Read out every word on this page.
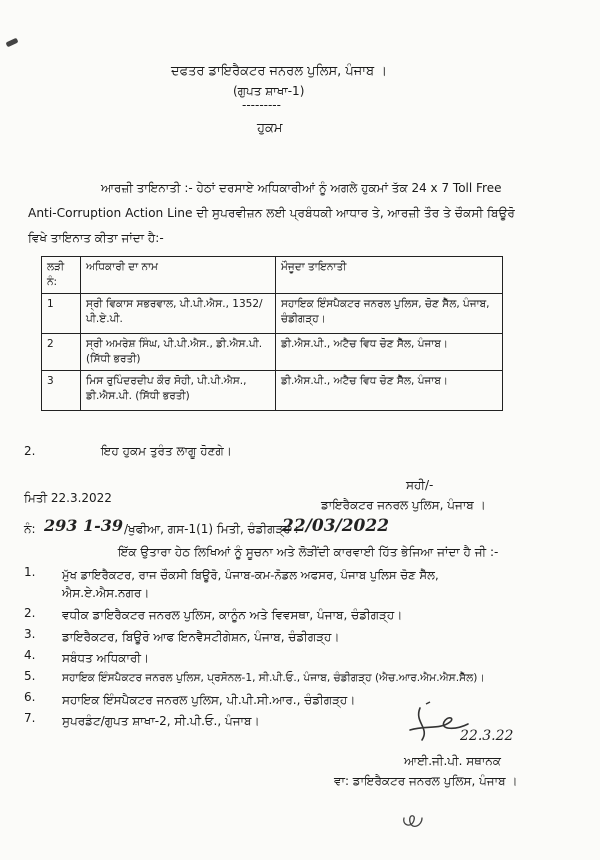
ਦਫਤਰ ਡਾਇਰੈਕਟਰ ਜਨਰਲ ਪੁਲਿਸ, ਪੰਜਾਬ ।
(ਗੁਪਤ ਸ਼ਾਖਾ-1)
---------
ਹੁਕਮ
ਆਰਜ਼ੀ ਤਾਇਨਾਤੀ :- ਹੇਠਾਂ ਦਰਸਾਏ ਅਧਿਕਾਰੀਆਂ ਨੂੰ ਅਗਲੇ ਹੁਕਮਾਂ ਤੱਕ 24 x 7 Toll Free
Anti-Corruption Action Line ਦੀ ਸੁਪਰਵੀਜ਼ਨ ਲਈ ਪ੍ਰਬੰਧਕੀ ਆਧਾਰ ਤੇ, ਆਰਜ਼ੀ ਤੌਰ ਤੇ ਚੌਕਸੀ ਬਿਊਰੋ
ਵਿਖੇ ਤਾਇਨਾਤ ਕੀਤਾ ਜਾਂਦਾ ਹੈ:-
ਲੜੀ ਨੰ:	ਅਧਿਕਾਰੀ ਦਾ ਨਾਮ	ਮੌਜੂਦਾ ਤਾਇਨਾਤੀ
1	ਸ੍ਰੀ ਵਿਕਾਸ ਸਭਰਵਾਲ, ਪੀ.ਪੀ.ਐਸ., 1352/ਪੀ.ਏ.ਪੀ.	ਸਹਾਇਕ ਇੰਸਪੈਕਟਰ ਜਨਰਲ ਪੁਲਿਸ, ਚੋਣ ਸੈੱਲ, ਪੰਜਾਬ, ਚੰਡੀਗੜ੍ਹ।
2	ਸ੍ਰੀ ਅਮਰੇਸ਼ ਸਿੰਘ, ਪੀ.ਪੀ.ਐਸ., ਡੀ.ਐਸ.ਪੀ. (ਸਿੱਧੀ ਭਰਤੀ)	ਡੀ.ਐਸ.ਪੀ., ਅਟੈਚ ਵਿਧ ਚੋਣ ਸੈੱਲ, ਪੰਜਾਬ।
3	ਮਿਸ ਰੁਪਿੰਦਰਦੀਪ ਕੌਰ ਸੋਹੀ, ਪੀ.ਪੀ.ਐਸ., ਡੀ.ਐਸ.ਪੀ. (ਸਿੱਧੀ ਭਰਤੀ)	ਡੀ.ਐਸ.ਪੀ., ਅਟੈਚ ਵਿਧ ਚੋਣ ਸੈੱਲ, ਪੰਜਾਬ।
2.	ਇਹ ਹੁਕਮ ਤੁਰੰਤ ਲਾਗੂ ਹੋਣਗੇ।
ਸਹੀ/-
ਡਾਇਰੈਕਟਰ ਜਨਰਲ ਪੁਲਿਸ, ਪੰਜਾਬ ।
ਮਿਤੀ 22.3.2022
ਨੰ: 293 1-39 /ਖੁਫੀਆ, ਗਸ-1(1) ਮਿਤੀ, ਚੰਡੀਗੜ੍ਹ :-
22/03/2022
ਇੱਕ ਉਤਾਰਾ ਹੇਠ ਲਿਖਿਆਂ ਨੂੰ ਸੂਚਨਾ ਅਤੇ ਲੋੜੀਂਦੀ ਕਾਰਵਾਈ ਹਿੱਤ ਭੇਜਿਆ ਜਾਂਦਾ ਹੈ ਜੀ :-
1. ਮੁੱਖ ਡਾਇਰੈਕਟਰ, ਰਾਜ ਚੌਕਸੀ ਬਿਊਰੋ, ਪੰਜਾਬ-ਕਮ-ਨੋਡਲ ਅਫਸਰ, ਪੰਜਾਬ ਪੁਲਿਸ ਚੋਣ ਸੈੱਲ,
ਐਸ.ਏ.ਐਸ.ਨਗਰ।
2. ਵਧੀਕ ਡਾਇਰੈਕਟਰ ਜਨਰਲ ਪੁਲਿਸ, ਕਾਨੂੰਨ ਅਤੇ ਵਿਵਸਥਾ, ਪੰਜਾਬ, ਚੰਡੀਗੜ੍ਹ।
3. ਡਾਇਰੈਕਟਰ, ਬਿਊਰੋ ਆਫ ਇਨਵੈਸਟੀਗੇਸ਼ਨ, ਪੰਜਾਬ, ਚੰਡੀਗੜ੍ਹ।
4. ਸਬੰਧਤ ਅਧਿਕਾਰੀ।
5.	ਸਹਾਇਕ ਇੰਸਪੈਕਟਰ ਜਨਰਲ ਪੁਲਿਸ, ਪ੍ਰਸੋਨਲ-1, ਸੀ.ਪੀ.ਓ., ਪੰਜਾਬ, ਚੰਡੀਗੜ੍ਹ (ਐਚ.ਆਰ.ਐਮ.ਐਸ.ਸੈੱਲ)।
6. ਸਹਾਇਕ ਇੰਸਪੈਕਟਰ ਜਨਰਲ ਪੁਲਿਸ, ਪੀ.ਪੀ.ਸੀ.ਆਰ., ਚੰਡੀਗੜ੍ਹ।
7. ਸੁਪਰਡੰਟ/ਗੁਪਤ ਸ਼ਾਖਾ-2, ਸੀ.ਪੀ.ਓ., ਪੰਜਾਬ।
22.3.22
ਆਈ.ਜੀ.ਪੀ. ਸਥਾਨਕ
ਵਾ: ਡਾਇਰੈਕਟਰ ਜਨਰਲ ਪੁਲਿਸ, ਪੰਜਾਬ ।
